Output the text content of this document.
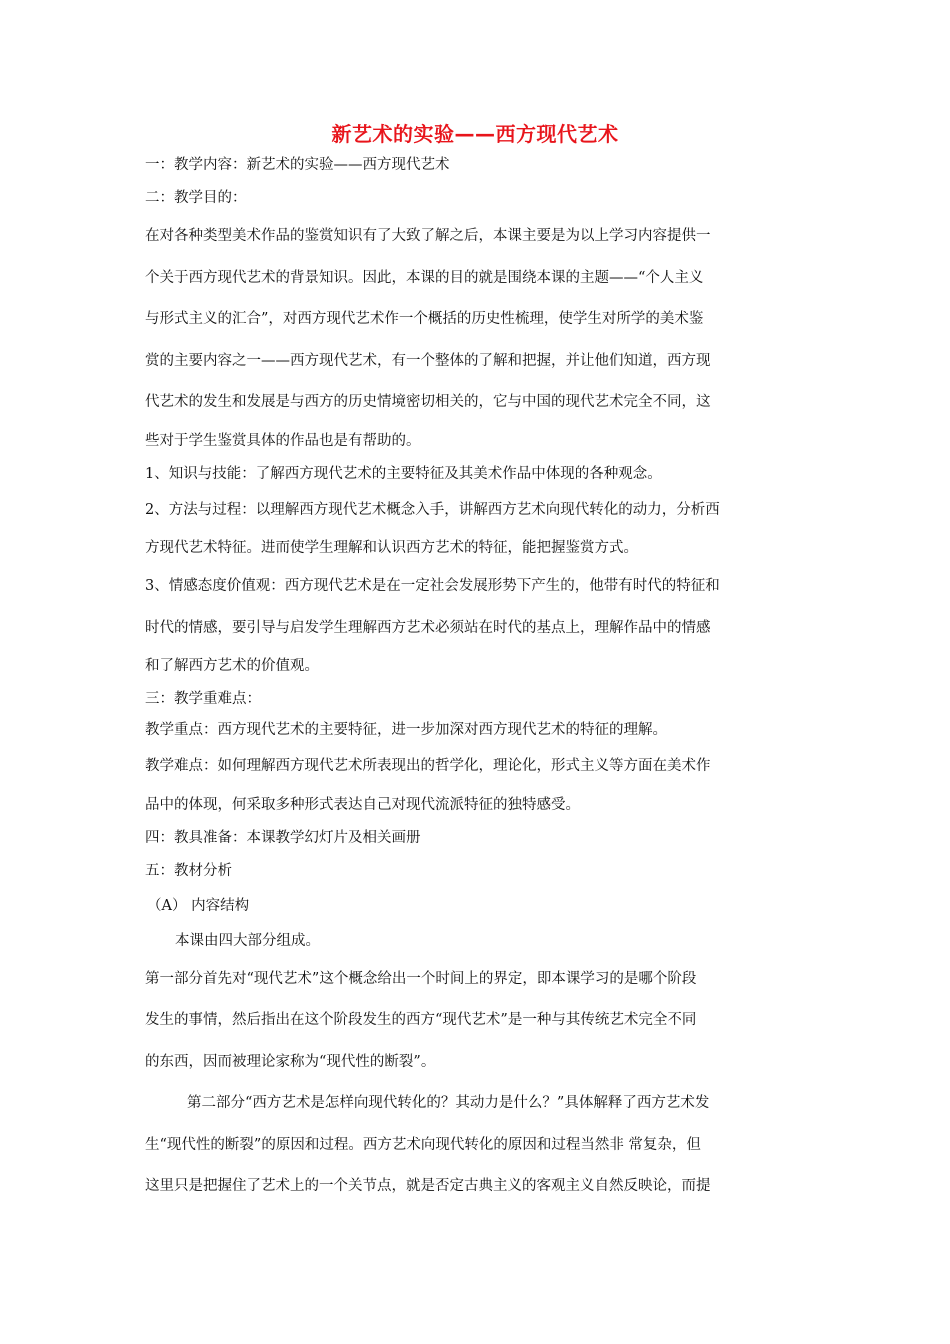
新艺术的实验——西方现代艺术
一：教学内容：新艺术的实验——西方现代艺术
二：教学目的：
在对各种类型美术作品的鉴赏知识有了大致了解之后，本课主要是为以上学习内容提供一
个关于西方现代艺术的背景知识。因此，本课的目的就是围绕本课的主题——“个人主义
与形式主义的汇合”，对西方现代艺术作一个概括的历史性梳理，使学生对所学的美术鉴
赏的主要内容之一——西方现代艺术，有一个整体的了解和把握，并让他们知道，西方现
代艺术的发生和发展是与西方的历史情境密切相关的，它与中国的现代艺术完全不同，这
些对于学生鉴赏具体的作品也是有帮助的。
1、知识与技能：了解西方现代艺术的主要特征及其美术作品中体现的各种观念。
2、方法与过程：以理解西方现代艺术概念入手，讲解西方艺术向现代转化的动力，分析西
方现代艺术特征。进而使学生理解和认识西方艺术的特征，能把握鉴赏方式。
3、情感态度价值观：西方现代艺术是在一定社会发展形势下产生的，他带有时代的特征和
时代的情感，要引导与启发学生理解西方艺术必须站在时代的基点上，理解作品中的情感
和了解西方艺术的价值观。
三：教学重难点：
教学重点：西方现代艺术的主要特征，进一步加深对西方现代艺术的特征的理解。
教学难点：如何理解西方现代艺术所表现出的哲学化，理论化，形式主义等方面在美术作
品中的体现，何采取多种形式表达自己对现代流派特征的独特感受。
四：教具准备：本课教学幻灯片及相关画册
五：教材分析
（A） 内容结构
本课由四大部分组成。
第一部分首先对“现代艺术”这个概念给出一个时间上的界定，即本课学习的是哪个阶段
发生的事情，然后指出在这个阶段发生的西方“现代艺术”是一种与其传统艺术完全不同
的东西，因而被理论家称为“现代性的断裂”。
第二部分“西方艺术是怎样向现代转化的？其动力是什么？”具体解释了西方艺术发
生“现代性的断裂”的原因和过程。西方艺术向现代转化的原因和过程当然非 常复杂，但
这里只是把握住了艺术上的一个关节点，就是否定古典主义的客观主义自然反映论，而提
